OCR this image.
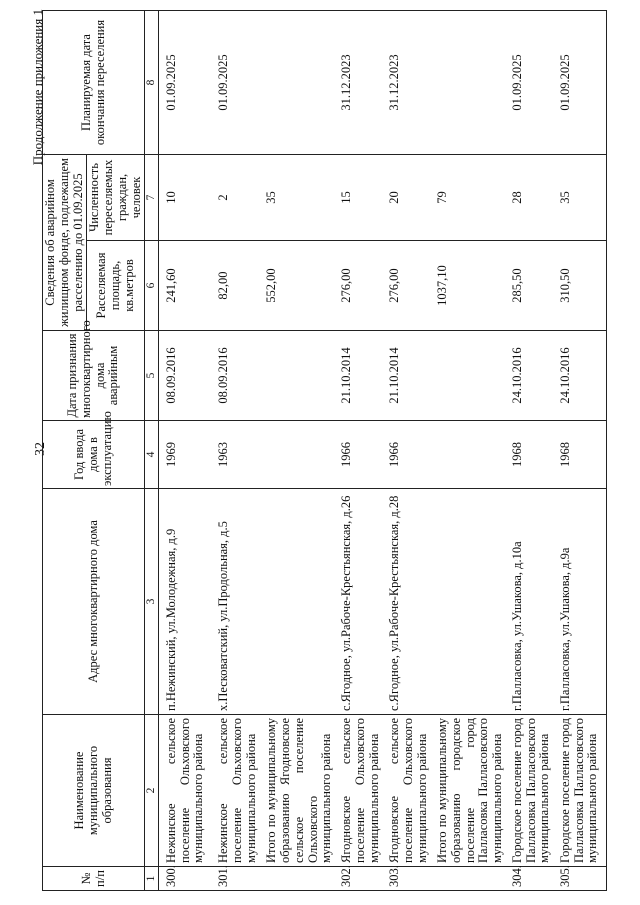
32
Продолжение приложения 1
№ п/п	Наименование муниципального образования	Адрес многоквартирного дома	Год ввода дома в эксплуатацию	Дата признания многоквартирного дома аварийным	Сведения об аварийном жилищном фонде, подлежащем расселению до 01.09.2025		Планируемая дата окончания переселения
					Расселяемая площадь, кв.метров	Численность переселяемых граждан, человек	
1	2	3	4	5	6	7	8
300.	Нежинское сельское поселение Ольховского муниципального района	п.Нежинский, ул.Молодежная, д.9	1969	08.09.2016	241,60	10	01.09.2025
301.	Нежинское сельское поселение Ольховского муниципального района	х.Песковатский, ул.Продольная, д.5	1963	08.09.2016	82,00	2	01.09.2025
	Итого по муниципальному образованию Ягодновское сельское поселение Ольховского муниципального района				552,00	35	
302.	Ягодновское сельское поселение Ольховского муниципального района	с.Ягодное, ул.Рабоче-Крестьянская, д.26	1966	21.10.2014	276,00	15	31.12.2023
303.	Ягодновское сельское поселение Ольховского муниципального района	с.Ягодное, ул.Рабоче-Крестьянская, д.28	1966	21.10.2014	276,00	20	31.12.2023
	Итого по муниципальному образованию городское поселение город Палласовка Палласовского муниципального района				1037,10	79	
304.	Городское поселение город Палласовка Палласовского муниципального района	г.Палласовка, ул.Ушакова, д.10а	1968	24.10.2016	285,50	28	01.09.2025
305.	Городское поселение город Палласовка Палласовского муниципального района	г.Палласовка, ул.Ушакова, д.9а	1968	24.10.2016	310,50	35	01.09.2025
